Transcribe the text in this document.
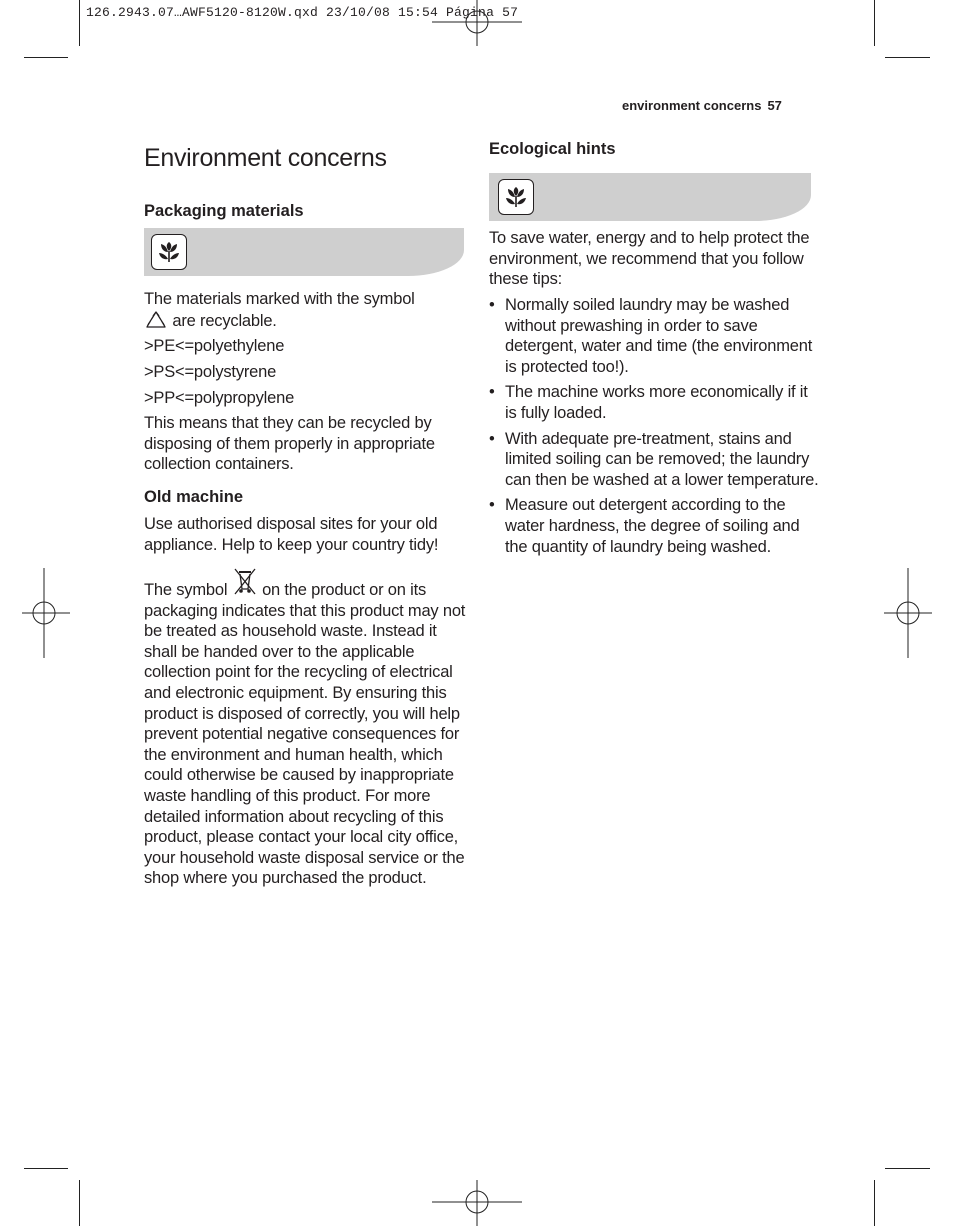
126.2943.07…AWF5120-8120W.qxd 23/10/08 15:54 Página 57
environment concerns 57
Environment concerns
Packaging materials
The materials marked with the symbol
are recyclable.
>PE<=polyethylene
>PS<=polystyrene
>PP<=polypropylene
This means that they can be recycled by disposing of them properly in appropriate collection containers.
Old machine
Use authorised disposal sites for your old appliance. Help to keep your country tidy!
The symbol on the product or on its packaging indicates that this product may not be treated as household waste. Instead it shall be handed over to the applicable collection point for the recycling of electrical and electronic equipment. By ensuring this product is disposed of correctly, you will help prevent potential negative consequences for the environment and human health, which could otherwise be caused by inappropriate waste handling of this product. For more detailed information about recycling of this product, please contact your local city office, your household waste disposal service or the shop where you purchased the product.
Ecological hints
To save water, energy and to help protect the environment, we recommend that you follow these tips:
• Normally soiled laundry may be washed without prewashing in order to save detergent, water and time (the environment is protected too!).
• The machine works more economically if it is fully loaded.
• With adequate pre-treatment, stains and limited soiling can be removed; the laundry can then be washed at a lower temperature.
• Measure out detergent according to the water hardness, the degree of soiling and the quantity of laundry being washed.
